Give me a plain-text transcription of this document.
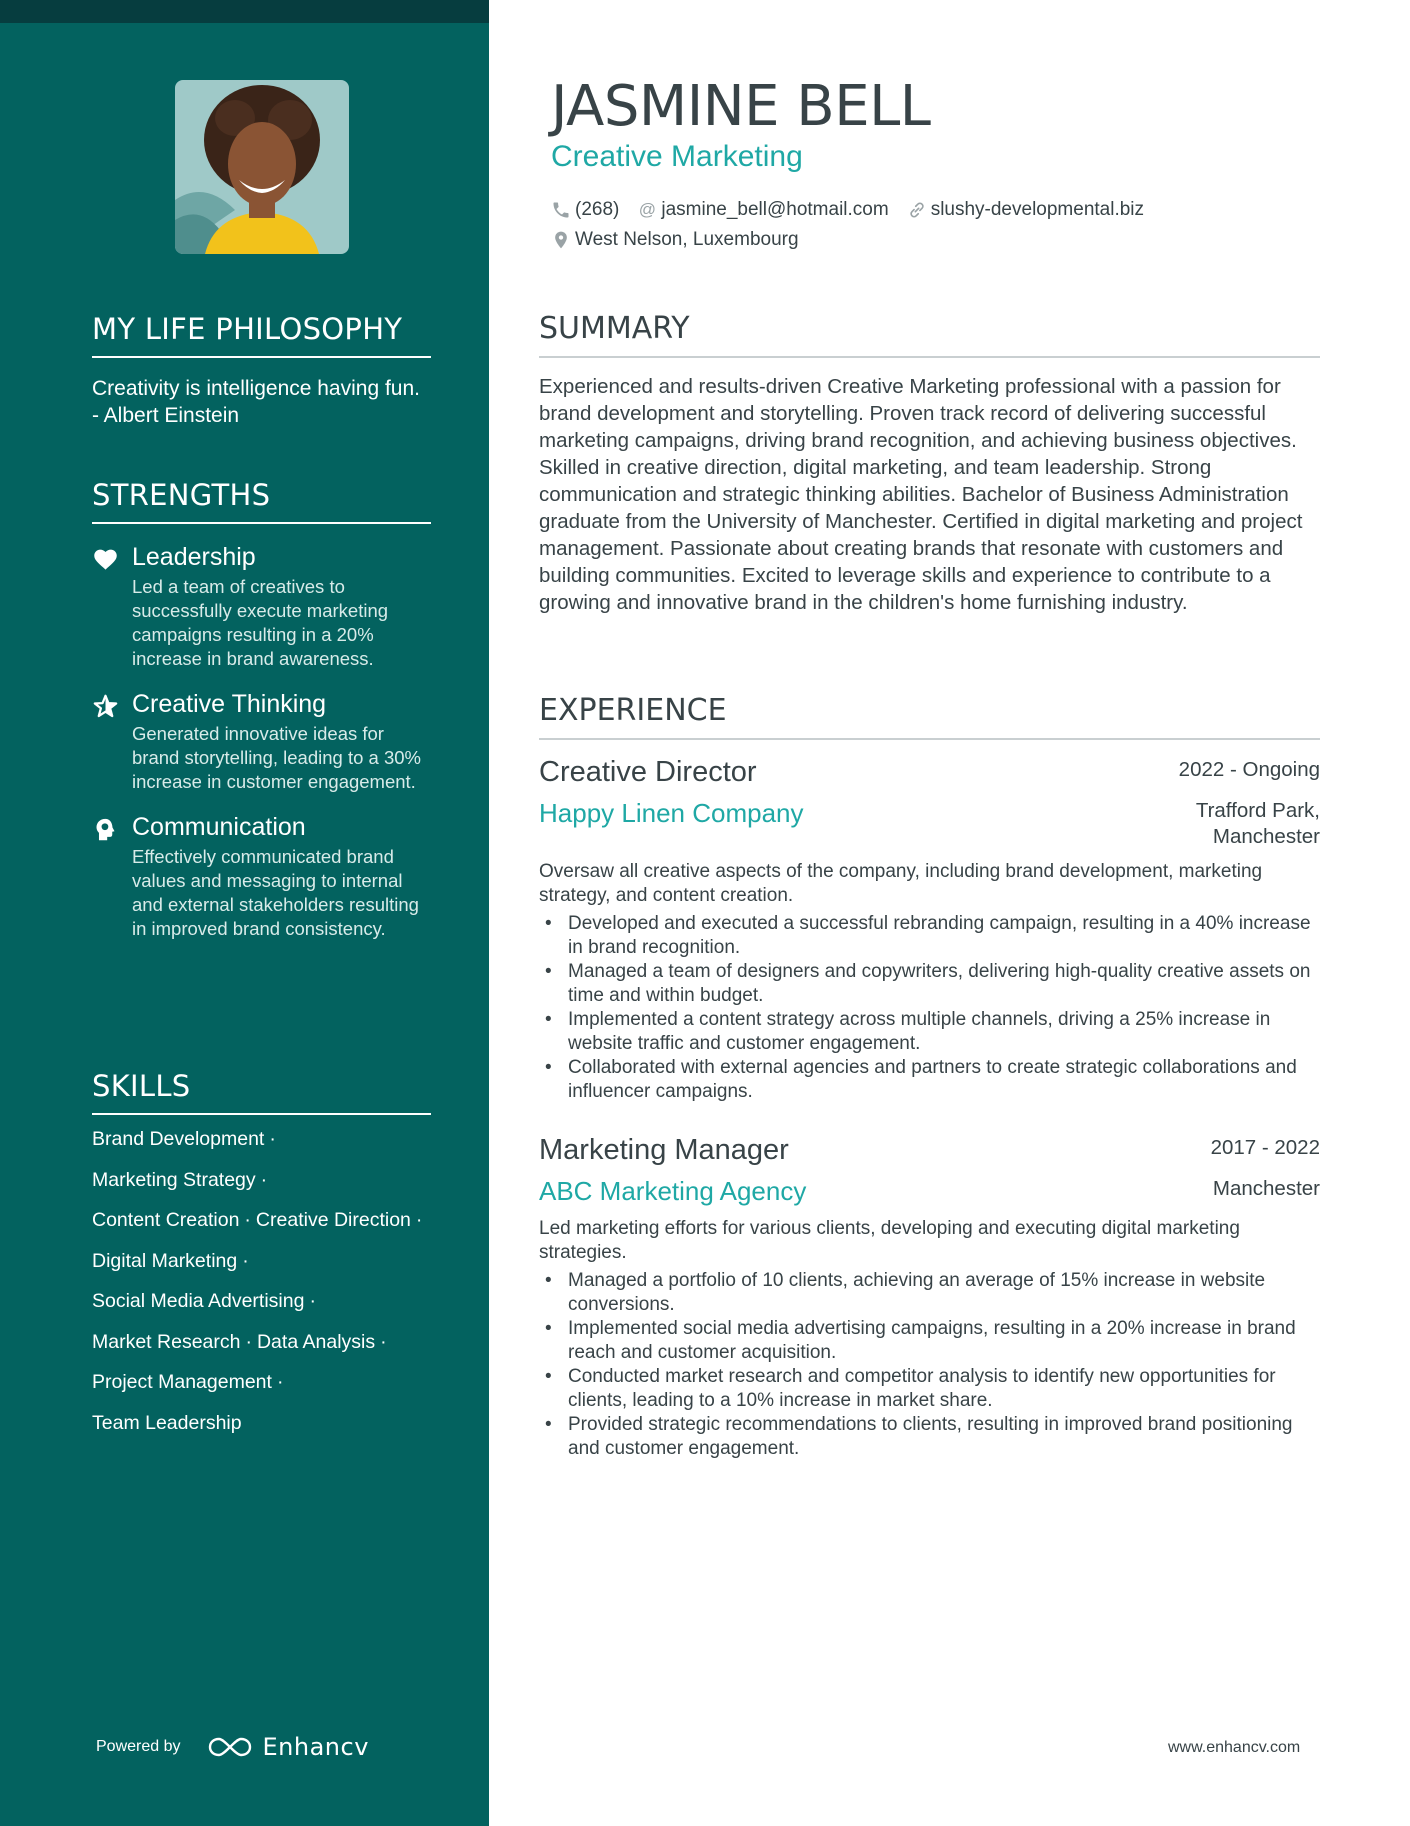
MY LIFE PHILOSOPHY
Creativity is intelligence having fun. - Albert Einstein
STRENGTHS
Leadership
Led a team of creatives to successfully execute marketing campaigns resulting in a 20% increase in brand awareness.
Creative Thinking
Generated innovative ideas for brand storytelling, leading to a 30% increase in customer engagement.
Communication
Effectively communicated brand values and messaging to internal and external stakeholders resulting in improved brand consistency.
SKILLS
Brand Development ·
Marketing Strategy ·
Content Creation · Creative Direction ·
Digital Marketing ·
Social Media Advertising ·
Market Research · Data Analysis ·
Project Management ·
Team Leadership
Powered by	Enhancv
JASMINE BELL
Creative Marketing
(268) @ jasmine_bell@hotmail.com slushy-developmental.biz
West Nelson, Luxembourg
SUMMARY
Experienced and results-driven Creative Marketing professional with a passion for brand development and storytelling. Proven track record of delivering successful marketing campaigns, driving brand recognition, and achieving business objectives. Skilled in creative direction, digital marketing, and team leadership. Strong communication and strategic thinking abilities. Bachelor of Business Administration graduate from the University of Manchester. Certified in digital marketing and project management. Passionate about creating brands that resonate with customers and building communities. Excited to leverage skills and experience to contribute to a growing and innovative brand in the children's home furnishing industry.
EXPERIENCE
Creative Director	2022 - Ongoing
Happy Linen Company	Trafford Park, Manchester
Oversaw all creative aspects of the company, including brand development, marketing strategy, and content creation.
• Developed and executed a successful rebranding campaign, resulting in a 40% increase in brand recognition.
• Managed a team of designers and copywriters, delivering high-quality creative assets on time and within budget.
• Implemented a content strategy across multiple channels, driving a 25% increase in website traffic and customer engagement.
• Collaborated with external agencies and partners to create strategic collaborations and influencer campaigns.
Marketing Manager	2017 - 2022
ABC Marketing Agency	Manchester
Led marketing efforts for various clients, developing and executing digital marketing strategies.
• Managed a portfolio of 10 clients, achieving an average of 15% increase in website conversions.
• Implemented social media advertising campaigns, resulting in a 20% increase in brand reach and customer acquisition.
• Conducted market research and competitor analysis to identify new opportunities for clients, leading to a 10% increase in market share.
• Provided strategic recommendations to clients, resulting in improved brand positioning and customer engagement.
www.enhancv.com
